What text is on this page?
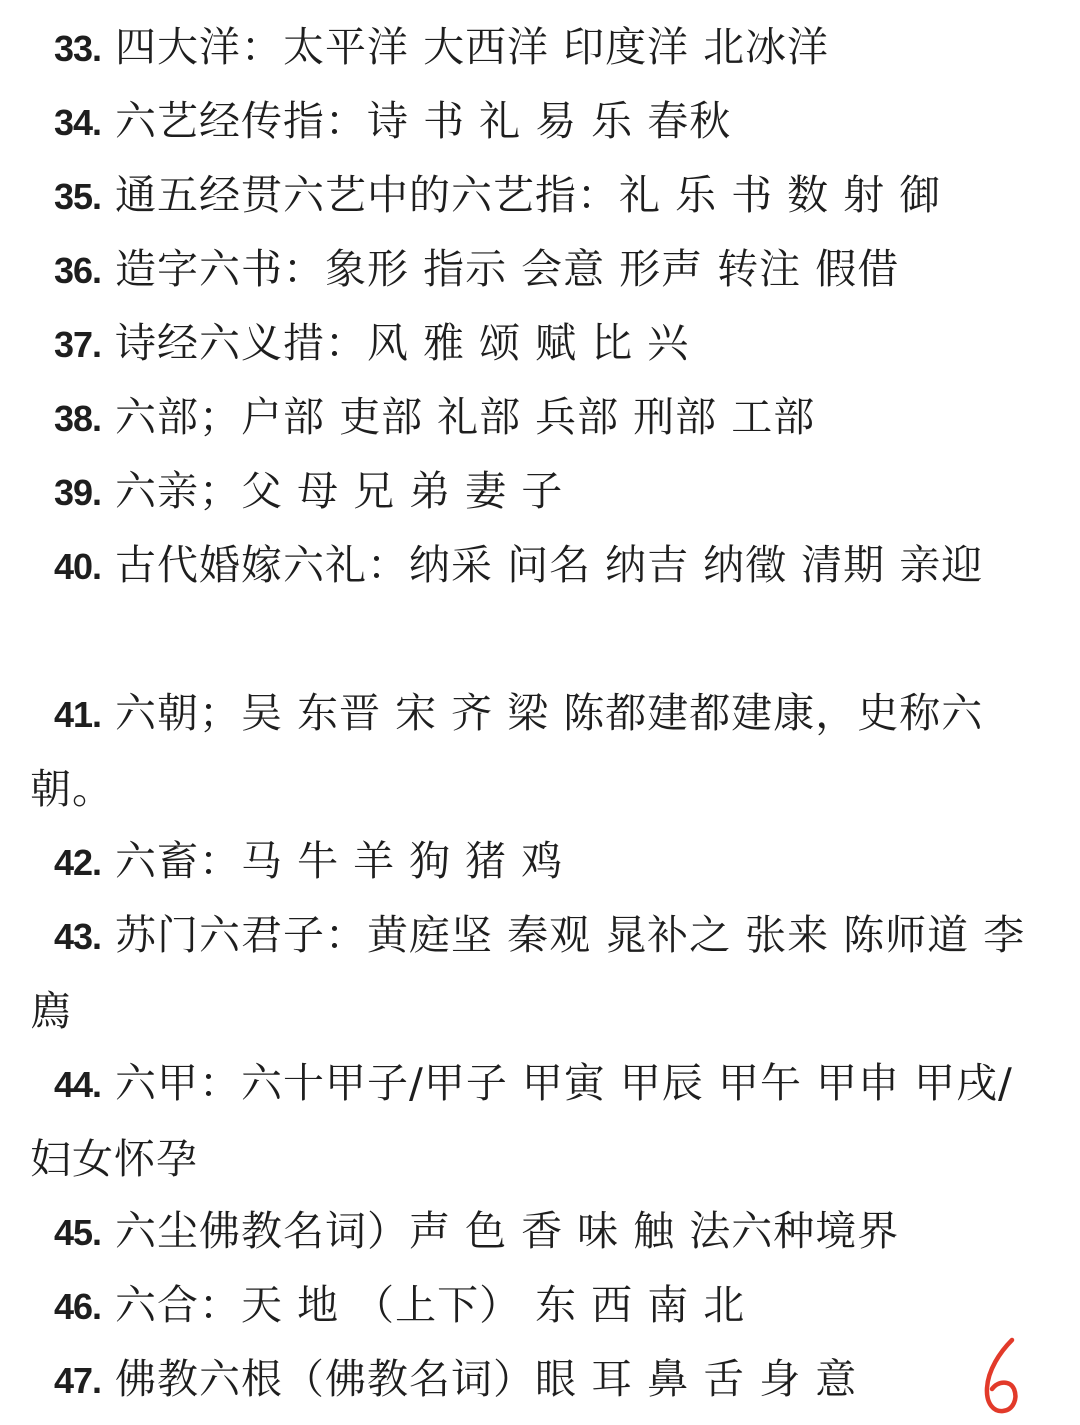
33. 四大洋：太平洋 大西洋 印度洋 北冰洋

34. 六艺经传指：诗 书 礼 易 乐 春秋

35. 通五经贯六艺中的六艺指：礼 乐 书 数 射 御

36. 造字六书：象形 指示 会意 形声 转注 假借

37. 诗经六义措：风 雅 颂 赋 比 兴

38. 六部；户部 吏部 礼部 兵部 刑部 工部

39. 六亲；父 母 兄 弟 妻 子

40. 古代婚嫁六礼：纳采 问名 纳吉 纳徵 清期 亲迎

41. 六朝；吴 东晋 宋 齐 梁 陈都建都建康，史称六朝。

42. 六畜：马 牛 羊 狗 猪 鸡

43. 苏门六君子：黄庭坚 秦观 晁补之 张来 陈师道 李廌

44. 六甲：六十甲子/甲子 甲寅 甲辰 甲午 甲申 甲戌/妇女怀孕

45. 六尘佛教名词）声 色 香 味 触 法六种境界

46. 六合：天 地 （上下） 东 西 南 北

47. 佛教六根（佛教名词）眼 耳 鼻 舌 身 意
